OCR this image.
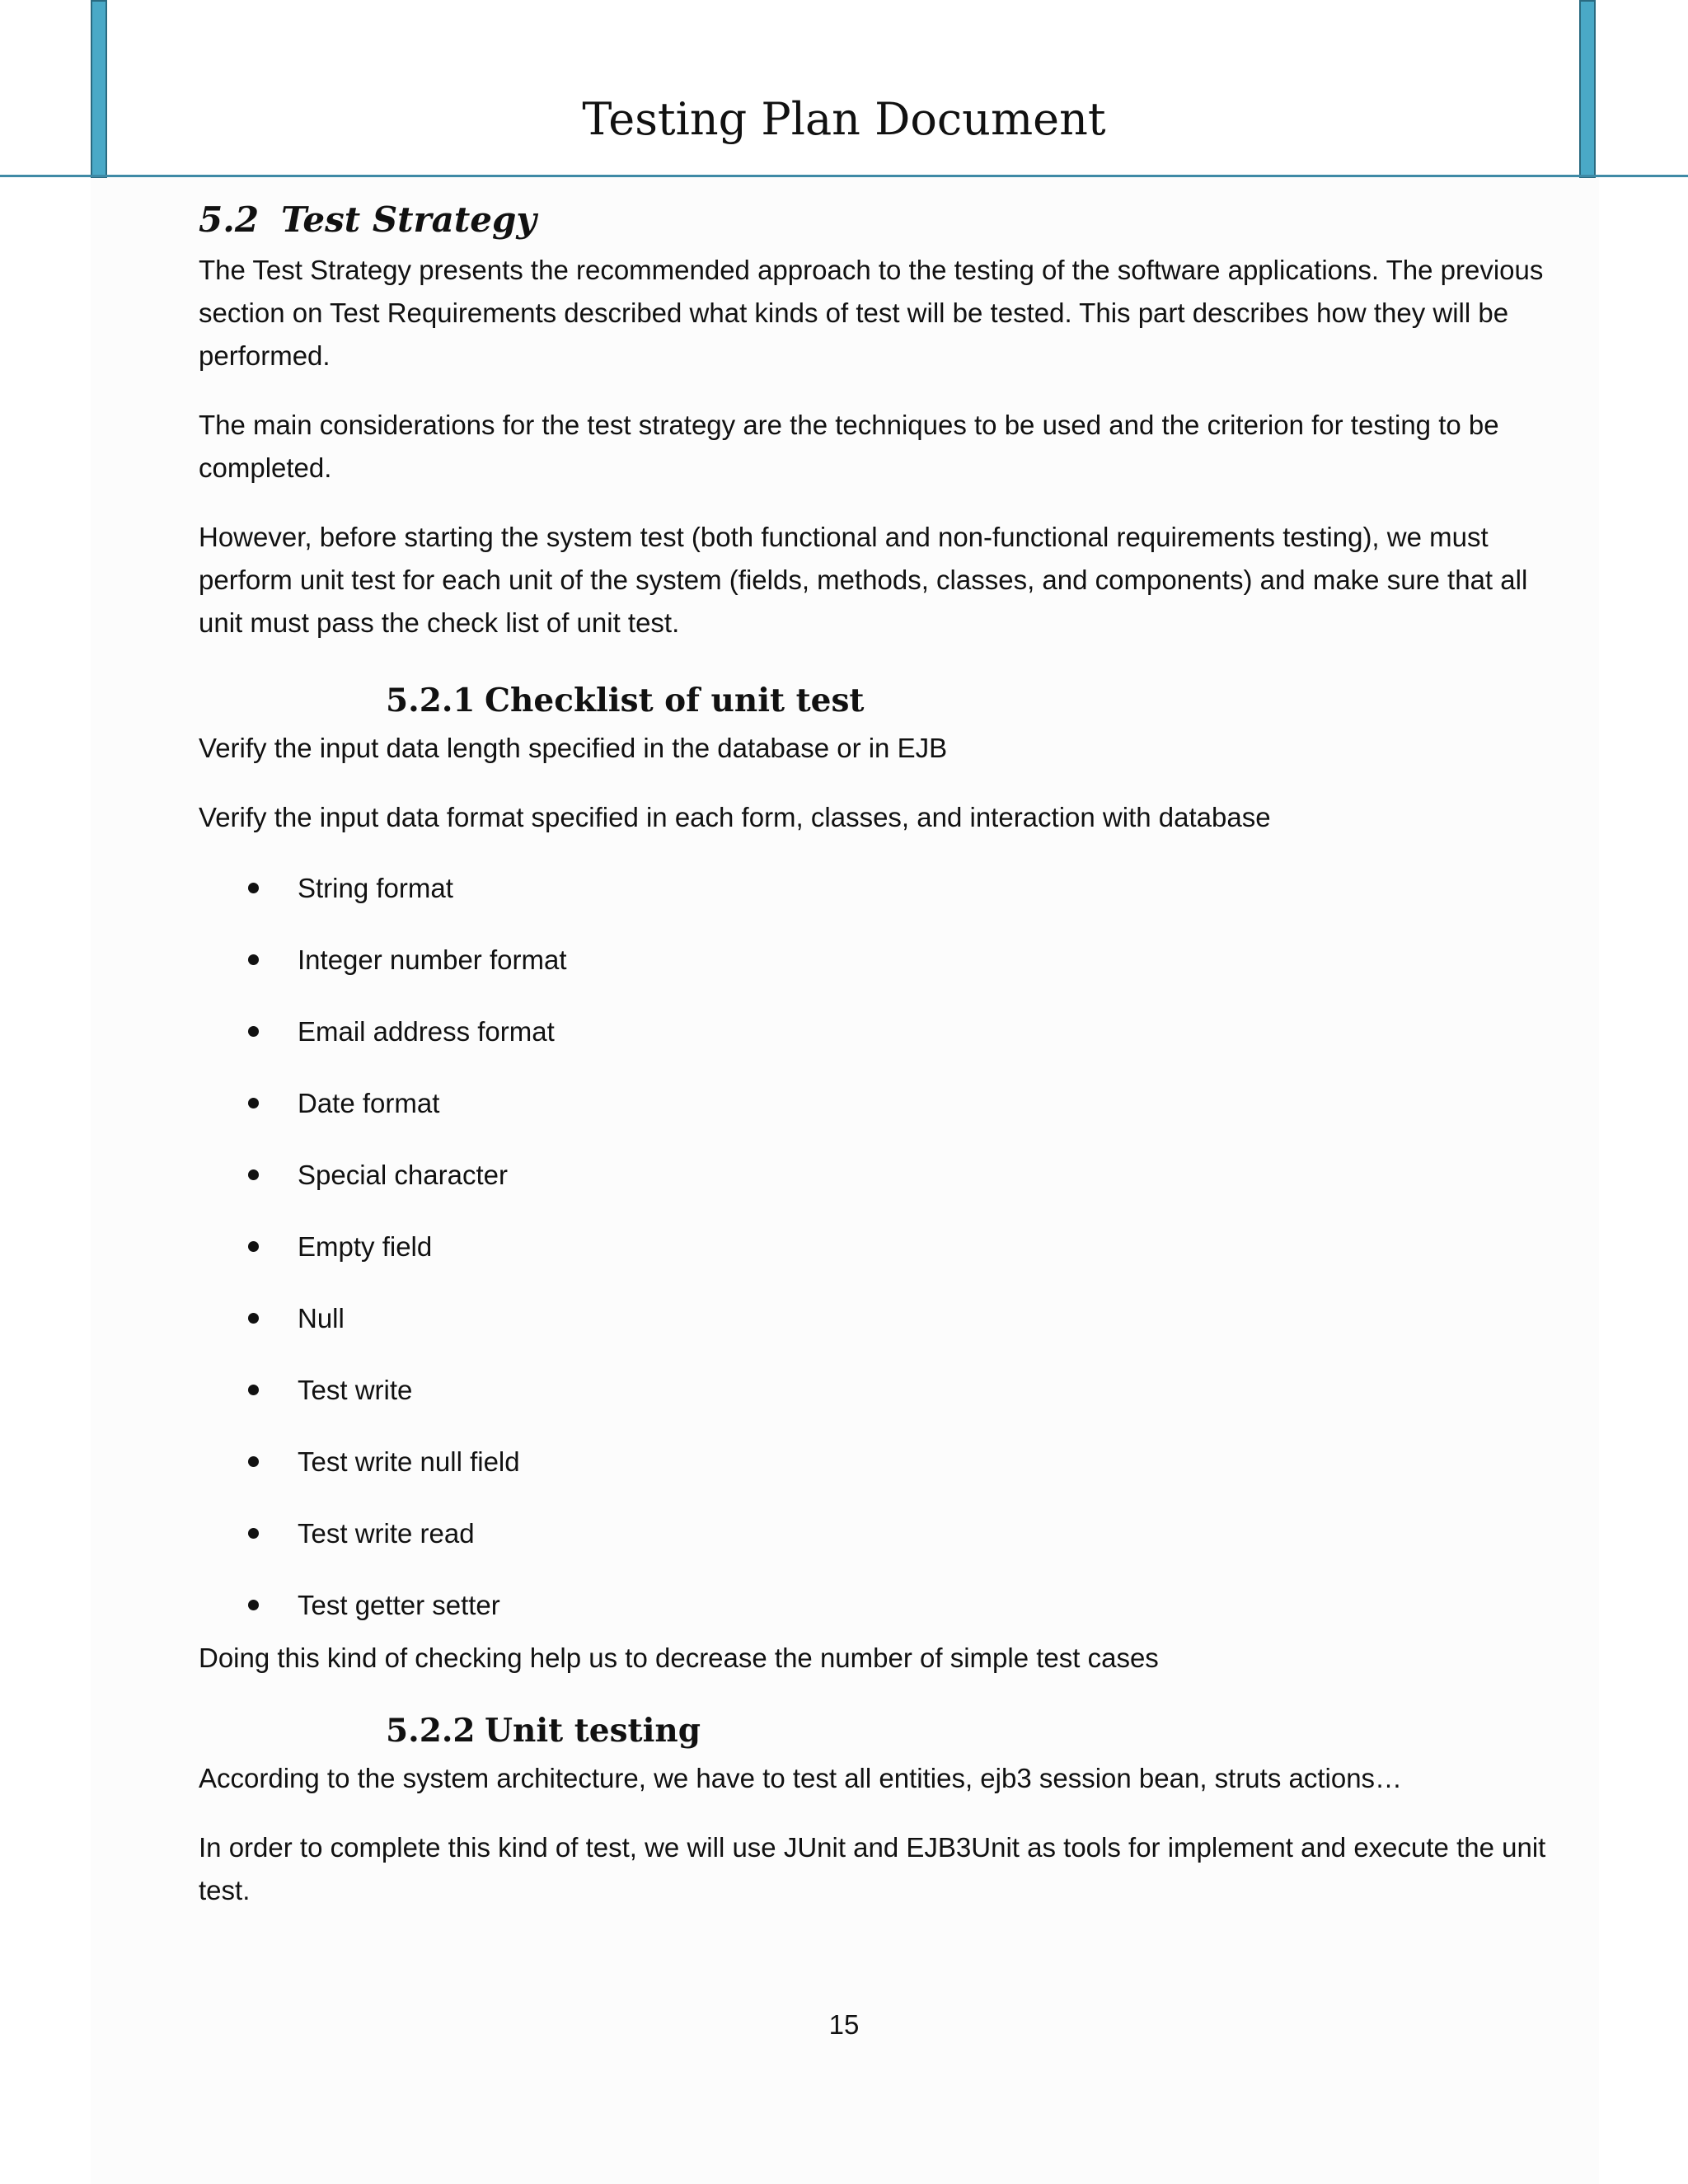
Testing Plan Document
5.2 Test Strategy

The Test Strategy presents the recommended approach to the testing of the software applications. The previous section on Test Requirements described what kinds of test will be tested. This part describes how they will be performed.

The main considerations for the test strategy are the techniques to be used and the criterion for testing to be completed.

However, before starting the system test (both functional and non-functional requirements testing), we must perform unit test for each unit of the system (fields, methods, classes, and components) and make sure that all unit must pass the check list of unit test.

5.2.1 Checklist of unit test

Verify the input data length specified in the database or in EJB

Verify the input data format specified in each form, classes, and interaction with database

String format
Integer number format
Email address format
Date format
Special character
Empty field
Null
Test write
Test write null field
Test write read
Test getter setter

Doing this kind of checking help us to decrease the number of simple test cases

5.2.2 Unit testing

According to the system architecture, we have to test all entities, ejb3 session bean, struts actions…

In order to complete this kind of test, we will use JUnit and EJB3Unit as tools for implement and execute the unit test.

15
